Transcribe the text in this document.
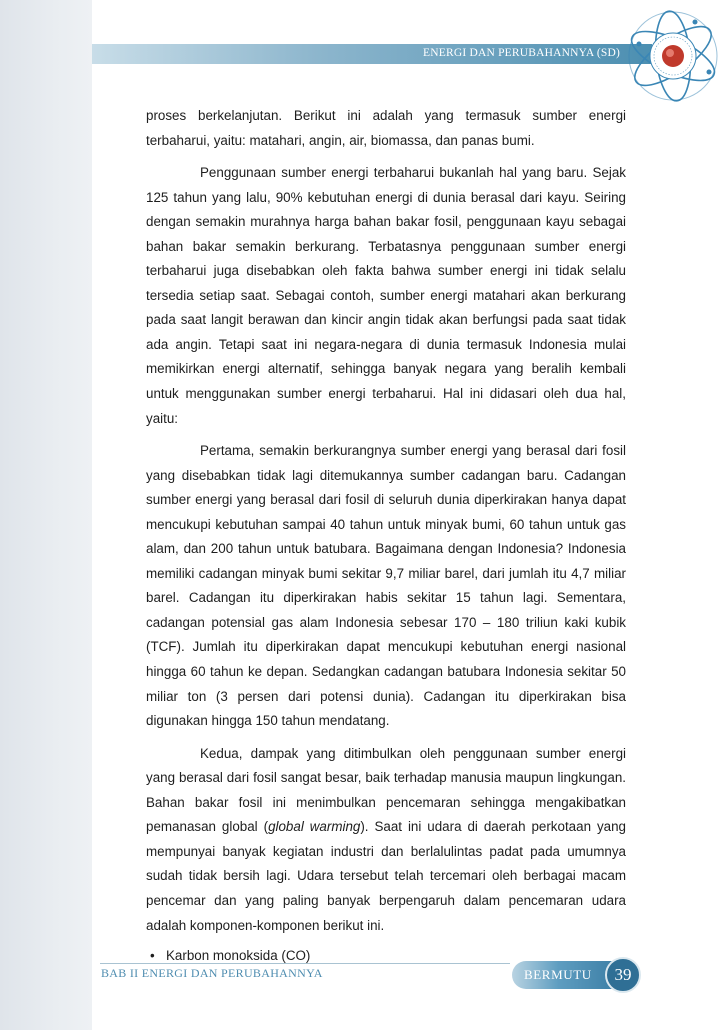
ENERGI DAN PERUBAHANNYA (SD)

proses berkelanjutan. Berikut ini adalah yang termasuk sumber energi terbaharui, yaitu: matahari, angin, air, biomassa, dan panas bumi.

Penggunaan sumber energi terbaharui bukanlah hal yang baru. Sejak 125 tahun yang lalu, 90% kebutuhan energi di dunia berasal dari kayu. Seiring dengan semakin murahnya harga bahan bakar fosil, penggunaan kayu sebagai bahan bakar semakin berkurang. Terbatasnya penggunaan sumber energi terbaharui juga disebabkan oleh fakta bahwa sumber energi ini tidak selalu tersedia setiap saat. Sebagai contoh, sumber energi matahari akan berkurang pada saat langit berawan dan kincir angin tidak akan berfungsi pada saat tidak ada angin. Tetapi saat ini negara-negara di dunia termasuk Indonesia mulai memikirkan energi alternatif, sehingga banyak negara yang beralih kembali untuk menggunakan sumber energi terbaharui. Hal ini didasari oleh dua hal, yaitu:

Pertama, semakin berkurangnya sumber energi yang berasal dari fosil yang disebabkan tidak lagi ditemukannya sumber cadangan baru. Cadangan sumber energi yang berasal dari fosil di seluruh dunia diperkirakan hanya dapat mencukupi kebutuhan sampai 40 tahun untuk minyak bumi, 60 tahun untuk gas alam, dan 200 tahun untuk batubara. Bagaimana dengan Indonesia? Indonesia memiliki cadangan minyak bumi sekitar 9,7 miliar barel, dari jumlah itu 4,7 miliar barel. Cadangan itu diperkirakan habis sekitar 15 tahun lagi. Sementara, cadangan potensial gas alam Indonesia sebesar 170 – 180 triliun kaki kubik (TCF). Jumlah itu diperkirakan dapat mencukupi kebutuhan energi nasional hingga 60 tahun ke depan. Sedangkan cadangan batubara Indonesia sekitar 50 miliar ton (3 persen dari potensi dunia). Cadangan itu diperkirakan bisa digunakan hingga 150 tahun mendatang.

Kedua, dampak yang ditimbulkan oleh penggunaan sumber energi yang berasal dari fosil sangat besar, baik terhadap manusia maupun lingkungan. Bahan bakar fosil ini menimbulkan pencemaran sehingga mengakibatkan pemanasan global (global warming). Saat ini udara di daerah perkotaan yang mempunyai banyak kegiatan industri dan berlalulintas padat pada umumnya sudah tidak bersih lagi. Udara tersebut telah tercemari oleh berbagai macam pencemar dan yang paling banyak berpengaruh dalam pencemaran udara adalah komponen-komponen berikut ini.

• Karbon monoksida (CO)
BAB II ENERGI DAN PERUBAHANNYA	BERMUTU	39
